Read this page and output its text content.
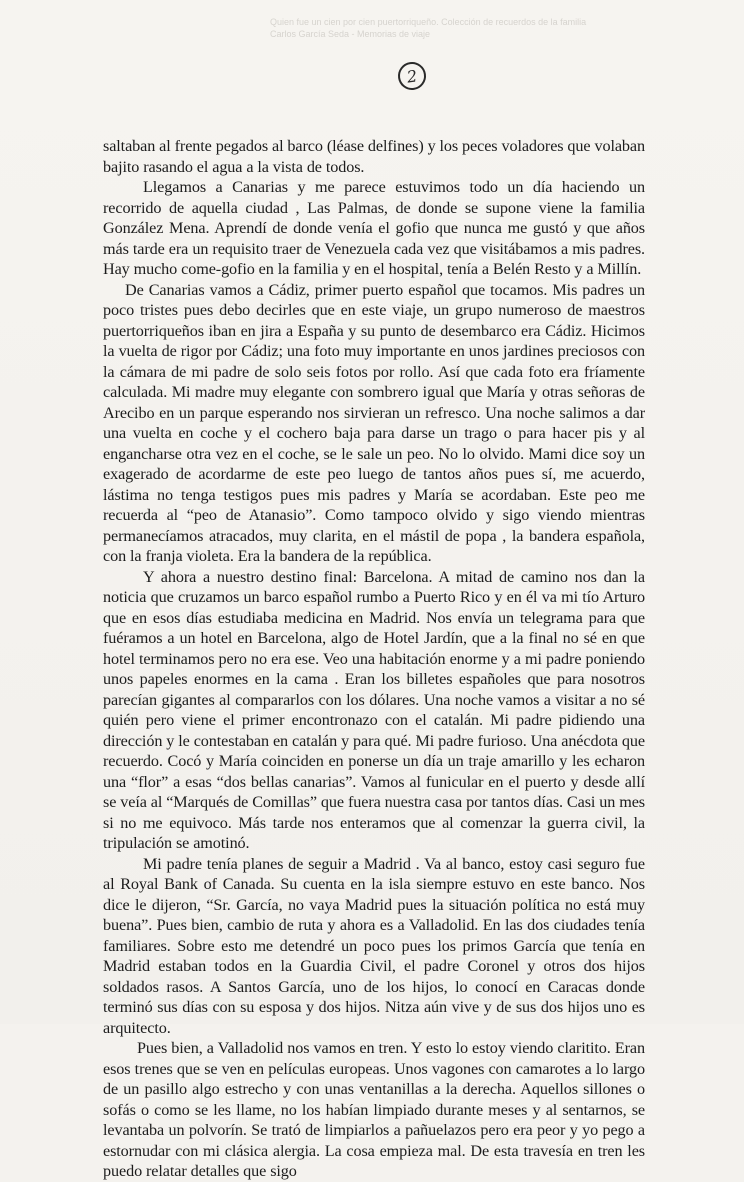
Quien fue un cien por cien puertorriqueño. Colección de recuerdos de la familia
Carlos García Seda - Memorias de viaje
2

saltaban al frente pegados al barco (léase delfines) y los peces voladores que volaban bajito rasando el agua a la vista de todos.

Llegamos a Canarias y me parece estuvimos todo un día haciendo un recorrido de aquella ciudad , Las Palmas, de donde se supone viene la familia González Mena. Aprendí de donde venía el gofio que nunca me gustó y que años más tarde era un requisito traer de Venezuela cada vez que visitábamos a mis padres. Hay mucho come-gofio en la familia y en el hospital, tenía a Belén Resto y a Millín.

De Canarias vamos a Cádiz, primer puerto español que tocamos. Mis padres un poco tristes pues debo decirles que en este viaje, un grupo numeroso de maestros puertorriqueños iban en jira a España y su punto de desembarco era Cádiz. Hicimos la vuelta de rigor por Cádiz; una foto muy importante en unos jardines preciosos con la cámara de mi padre de solo seis fotos por rollo. Así que cada foto era fríamente calculada. Mi madre muy elegante con sombrero igual que María y otras señoras de Arecibo en un parque esperando nos sirvieran un refresco. Una noche salimos a dar una vuelta en coche y el cochero baja para darse un trago o para hacer pis y al engancharse otra vez en el coche, se le sale un peo. No lo olvido. Mami dice soy un exagerado de acordarme de este peo luego de tantos años pues sí, me acuerdo, lástima no tenga testigos pues mis padres y María se acordaban. Este peo me recuerda al “peo de Atanasio”. Como tampoco olvido y sigo viendo mientras permanecíamos atracados, muy clarita, en el mástil de popa , la bandera española, con la franja violeta. Era la bandera de la república.

Y ahora a nuestro destino final: Barcelona. A mitad de camino nos dan la noticia que cruzamos un barco español rumbo a Puerto Rico y en él va mi tío Arturo que en esos días estudiaba medicina en Madrid. Nos envía un telegrama para que fuéramos a un hotel en Barcelona, algo de Hotel Jardín, que a la final no sé en que hotel terminamos pero no era ese. Veo una habitación enorme y a mi padre poniendo unos papeles enormes en la cama . Eran los billetes españoles que para nosotros parecían gigantes al compararlos con los dólares. Una noche vamos a visitar a no sé quién pero viene el primer encontronazo con el catalán. Mi padre pidiendo una dirección y le contestaban en catalán y para qué. Mi padre furioso. Una anécdota que recuerdo. Cocó y María coinciden en ponerse un día un traje amarillo y les echaron una “flor” a esas “dos bellas canarias”. Vamos al funicular en el puerto y desde allí se veía al “Marqués de Comillas” que fuera nuestra casa por tantos días. Casi un mes si no me equivoco. Más tarde nos enteramos que al comenzar la guerra civil, la tripulación se amotinó.

Mi padre tenía planes de seguir a Madrid . Va al banco, estoy casi seguro fue al Royal Bank of Canada. Su cuenta en la isla siempre estuvo en este banco. Nos dice le dijeron, “Sr. García, no vaya Madrid pues la situación política no está muy buena”. Pues bien, cambio de ruta y ahora es a Valladolid. En las dos ciudades tenía familiares. Sobre esto me detendré un poco pues los primos García que tenía en Madrid estaban todos en la Guardia Civil, el padre Coronel y otros dos hijos soldados rasos. A Santos García, uno de los hijos, lo conocí en Caracas donde terminó sus días con su esposa y dos hijos. Nitza aún vive y de sus dos hijos uno es arquitecto.

Pues bien, a Valladolid nos vamos en tren. Y esto lo estoy viendo claritito. Eran esos trenes que se ven en películas europeas. Unos vagones con camarotes a lo largo de un pasillo algo estrecho y con unas ventanillas a la derecha. Aquellos sillones o sofás o como se les llame, no los habían limpiado durante meses y al sentarnos, se levantaba un polvorín. Se trató de limpiarlos a pañuelazos pero era peor y yo pego a estornudar con mi clásica alergia. La cosa empieza mal. De esta travesía en tren les puedo relatar detalles que sigo
